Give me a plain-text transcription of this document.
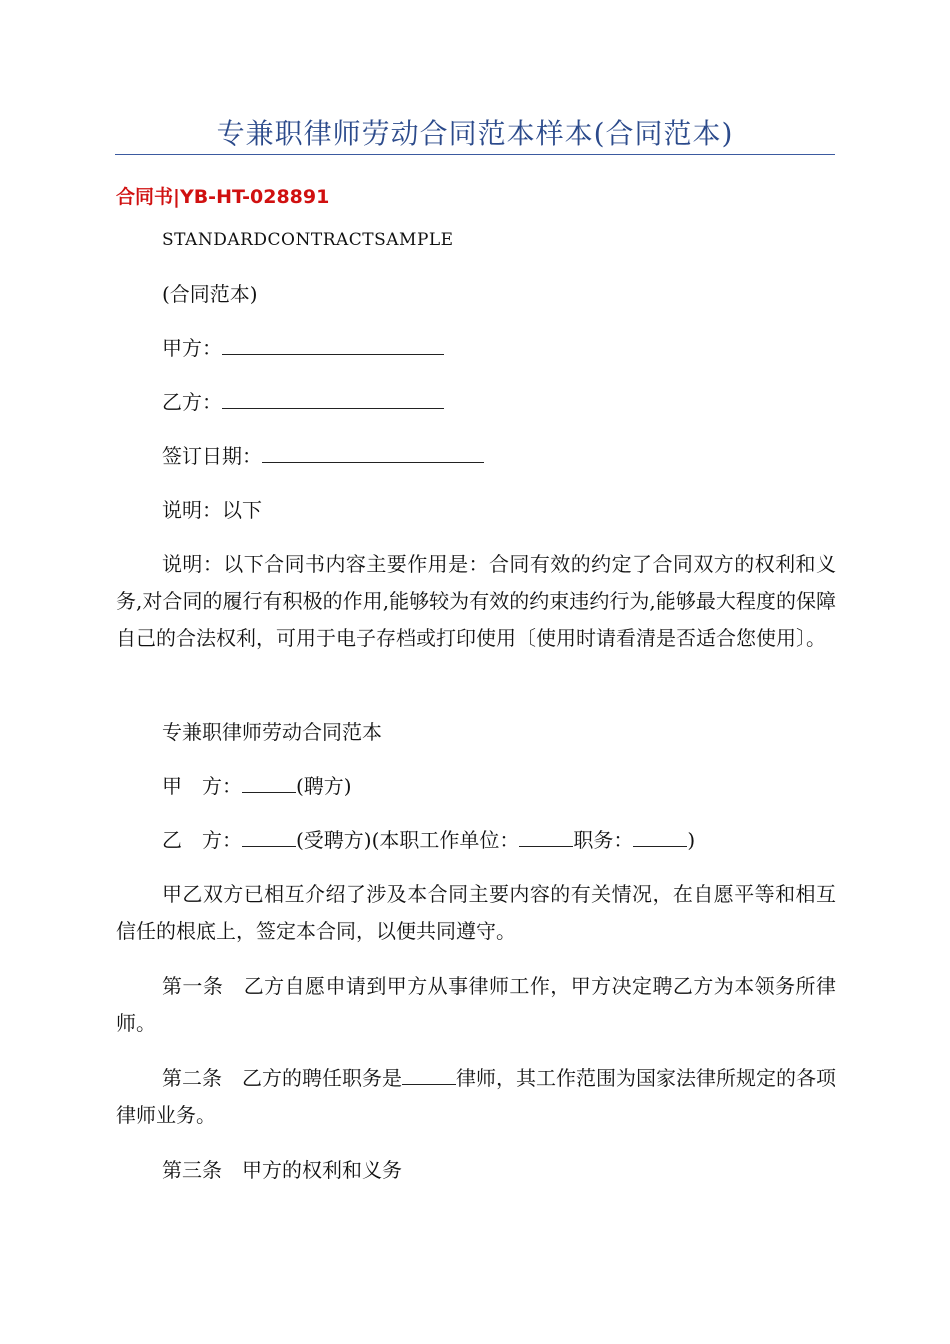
专兼职律师劳动合同范本样本(合同范本)
合同书|YB-HT-028891
STANDARDCONTRACTSAMPLE
(合同范本)
甲方：
乙方：
签订日期：
说明：以下
说明：以下合同书内容主要作用是：合同有效的约定了合同双方的权利和义务,对合同的履行有积极的作用,能够较为有效的约束违约行为,能够最大程度的保障自己的合法权利，可用于电子存档或打印使用〔使用时请看清是否适合您使用〕。
专兼职律师劳动合同范本
甲　方：	(聘方)
乙　方：	(受聘方)(本职工作单位：	职务：	)
甲乙双方已相互介绍了涉及本合同主要内容的有关情况，在自愿平等和相互信任的根底上，签定本合同，以便共同遵守。
第一条　乙方自愿申请到甲方从事律师工作，甲方决定聘乙方为本领务所律师。
第二条　乙方的聘任职务是	律师，其工作范围为国家法律所规定的各项律师业务。
第三条　甲方的权利和义务
